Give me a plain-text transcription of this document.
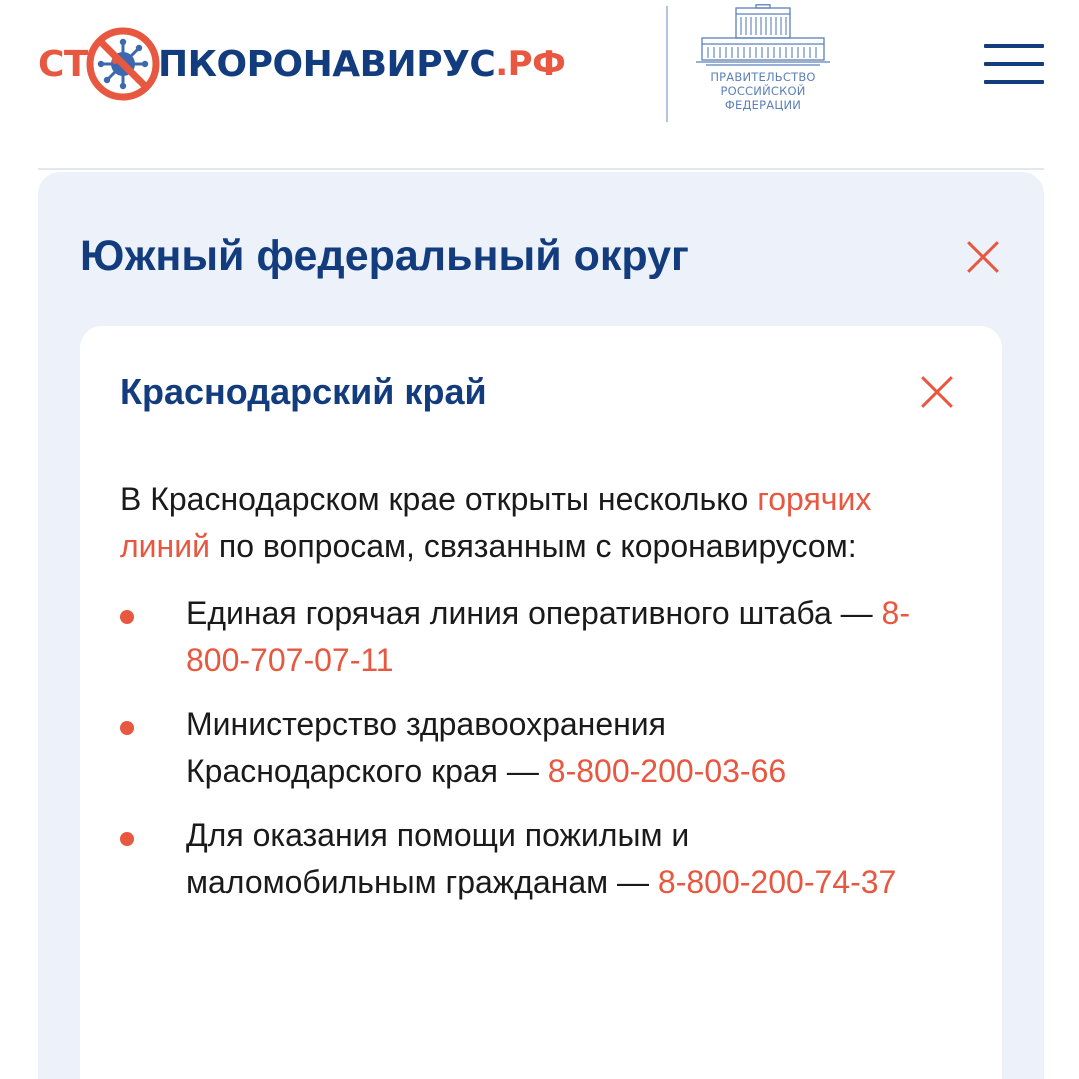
СТ ПКОРОНАВИРУС .РФ	ПРАВИТЕЛЬСТВО
РОССИЙСКОЙ
ФЕДЕРАЦИИ
Южный федеральный округ
Краснодарский край

В Краснодарском крае открыты несколько горячих линий по вопросам, связанным с коронавирусом:

Единая горячая линия оперативного штаба — 8-800-707-07-11
Министерство здравоохранения Краснодарского края — 8-800-200-03-66
Для оказания помощи пожилым и маломобильным гражданам — 8-800-200-74-37
